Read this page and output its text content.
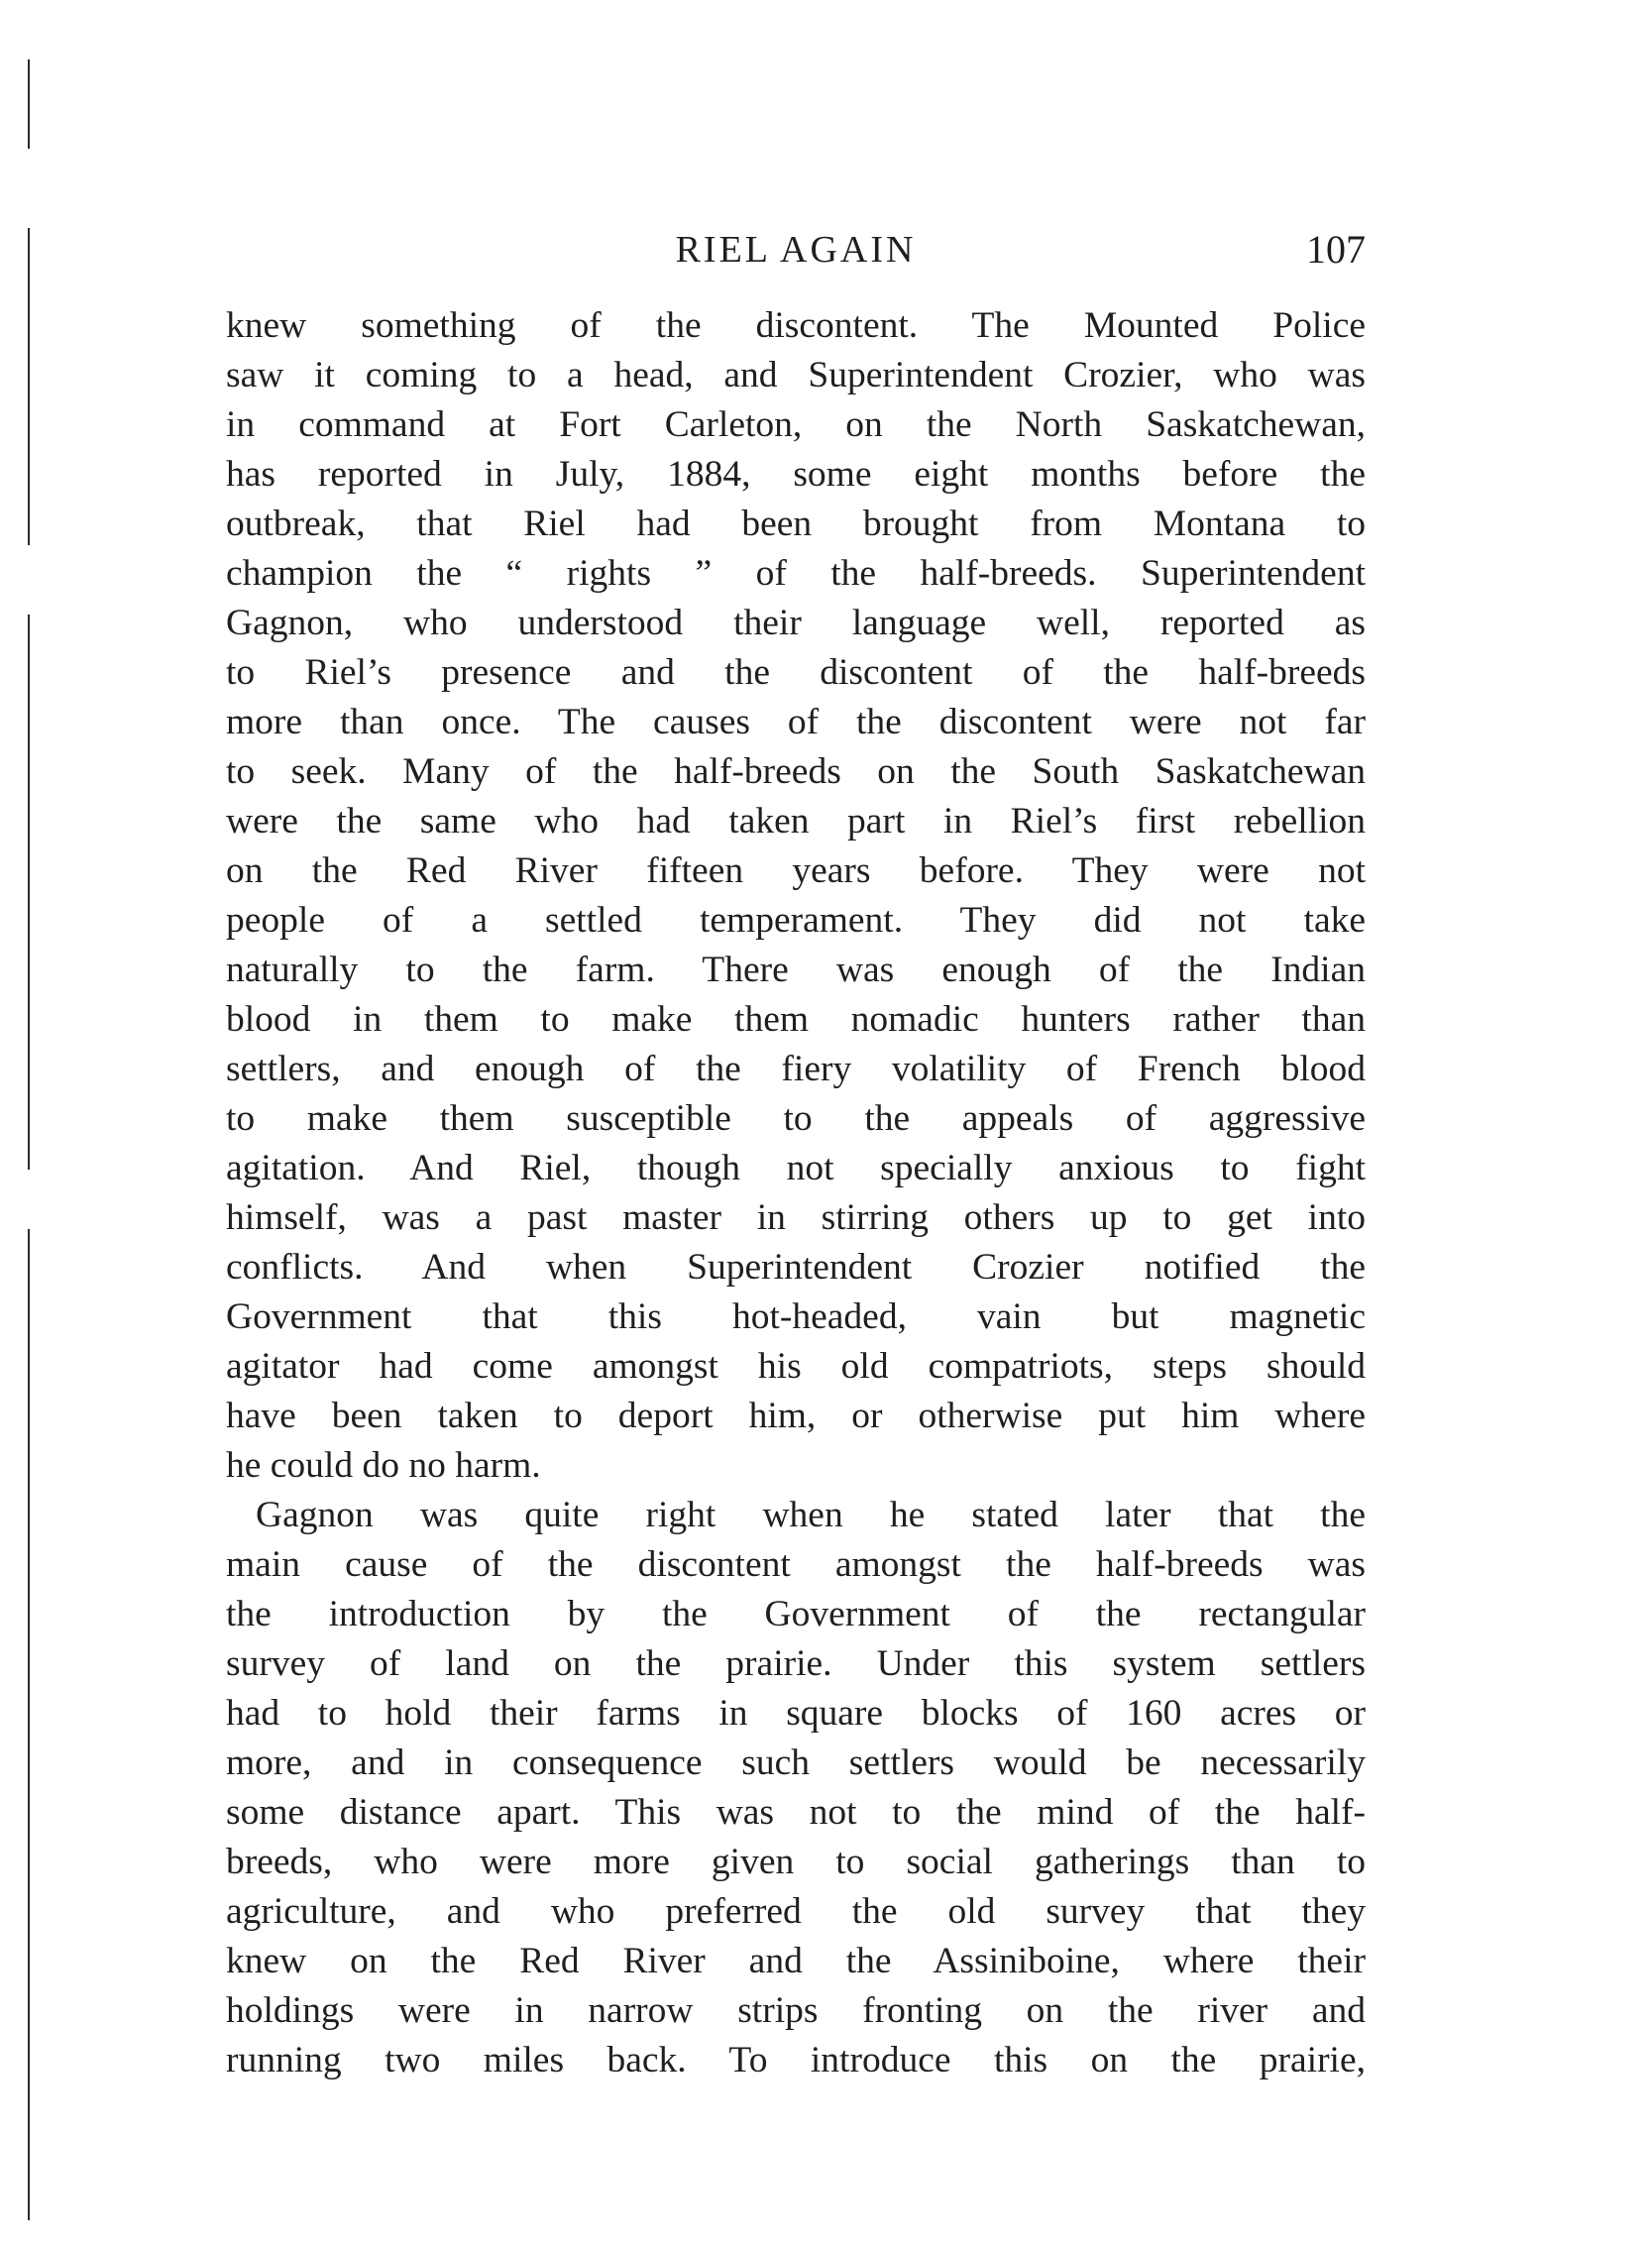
RIEL AGAIN	107
knew something of the discontent. The Mounted Police
saw it coming to a head, and Superintendent Crozier, who was
in command at Fort Carleton, on the North Saskatchewan,
has reported in July, 1884, some eight months before the
outbreak, that Riel had been brought from Montana to
champion the “ rights ” of the half-breeds. Superintendent
Gagnon, who understood their language well, reported as
to Riel’s presence and the discontent of the half-breeds
more than once. The causes of the discontent were not far
to seek. Many of the half-breeds on the South Saskatchewan
were the same who had taken part in Riel’s first rebellion
on the Red River fifteen years before. They were not
people of a settled temperament. They did not take
naturally to the farm. There was enough of the Indian
blood in them to make them nomadic hunters rather than
settlers, and enough of the fiery volatility of French blood
to make them susceptible to the appeals of aggressive
agitation. And Riel, though not specially anxious to fight
himself, was a past master in stirring others up to get into
conflicts. And when Superintendent Crozier notified the
Government that this hot-headed, vain but magnetic
agitator had come amongst his old compatriots, steps should
have been taken to deport him, or otherwise put him where
he could do no harm.
Gagnon was quite right when he stated later that the
main cause of the discontent amongst the half-breeds was
the introduction by the Government of the rectangular
survey of land on the prairie. Under this system settlers
had to hold their farms in square blocks of 160 acres or
more, and in consequence such settlers would be necessarily
some distance apart. This was not to the mind of the half-
breeds, who were more given to social gatherings than to
agriculture, and who preferred the old survey that they
knew on the Red River and the Assiniboine, where their
holdings were in narrow strips fronting on the river and
running two miles back. To introduce this on the prairie,
